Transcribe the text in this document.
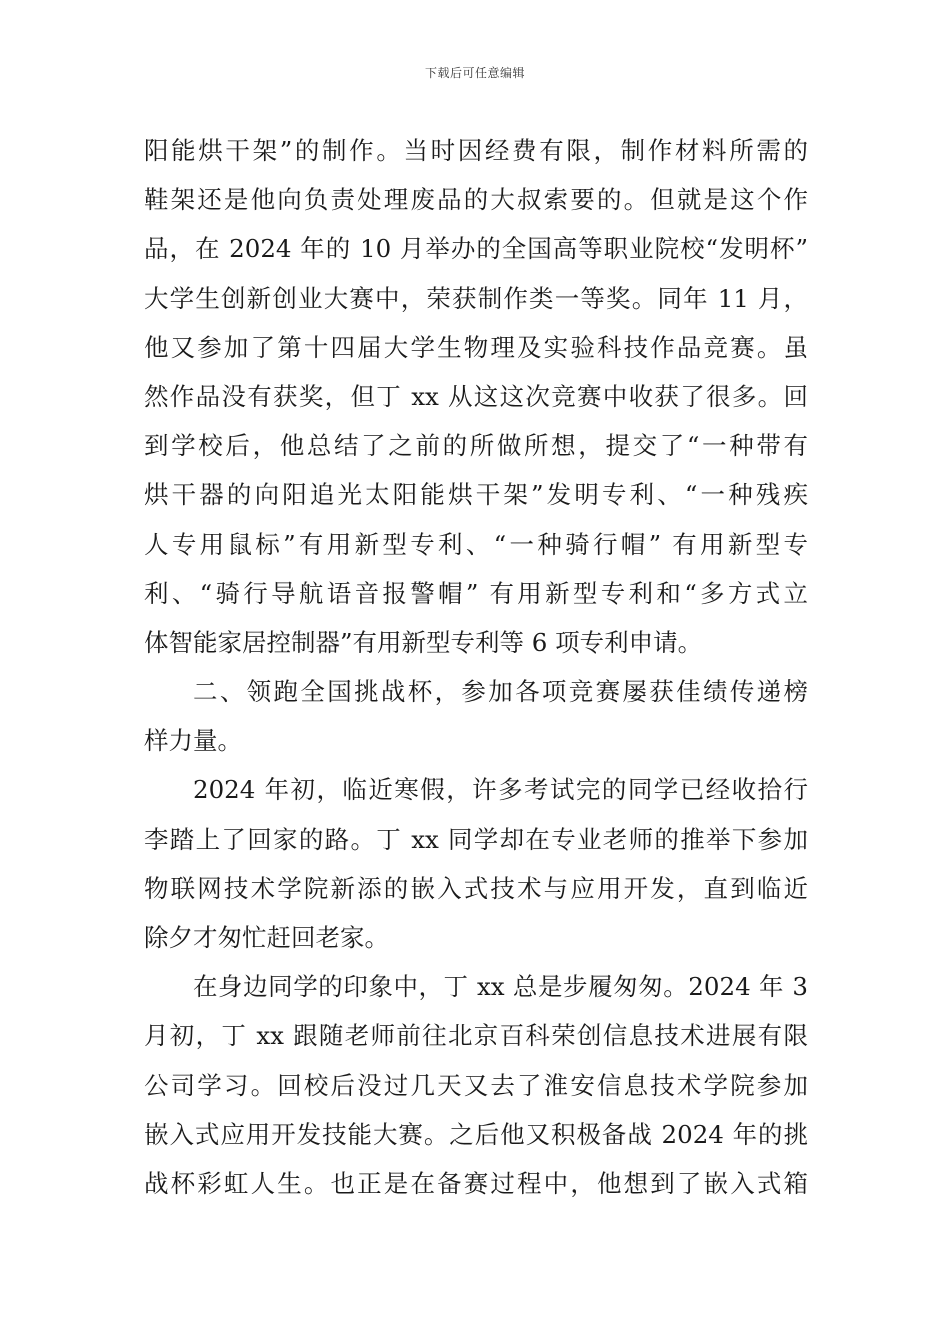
下载后可任意编辑
阳能烘干架”的制作。当时因经费有限，制作材料所需的
鞋架还是他向负责处理废品的大叔索要的。但就是这个作
品，在 2024 年的 10 月举办的全国高等职业院校“发明杯”
大学生创新创业大赛中，荣获制作类一等奖。同年 11 月，
他又参加了第十四届大学生物理及实验科技作品竞赛。虽
然作品没有获奖，但丁 xx 从这这次竞赛中收获了很多。回
到学校后，他总结了之前的所做所想，提交了“一种带有
烘干器的向阳追光太阳能烘干架”发明专利、“一种残疾
人专用鼠标”有用新型专利、“一种骑行帽” 有用新型专
利、“骑行导航语音报警帽” 有用新型专利和“多方式立
体智能家居控制器”有用新型专利等 6 项专利申请。
二、领跑全国挑战杯，参加各项竞赛屡获佳绩传递榜
样力量。
2024 年初，临近寒假，许多考试完的同学已经收拾行
李踏上了回家的路。丁 xx 同学却在专业老师的推举下参加
物联网技术学院新添的嵌入式技术与应用开发，直到临近
除夕才匆忙赶回老家。
在身边同学的印象中，丁 xx 总是步履匆匆。2024 年 3
月初，丁 xx 跟随老师前往北京百科荣创信息技术进展有限
公司学习。回校后没过几天又去了淮安信息技术学院参加
嵌入式应用开发技能大赛。之后他又积极备战 2024 年的挑
战杯彩虹人生。也正是在备赛过程中，他想到了嵌入式箱
